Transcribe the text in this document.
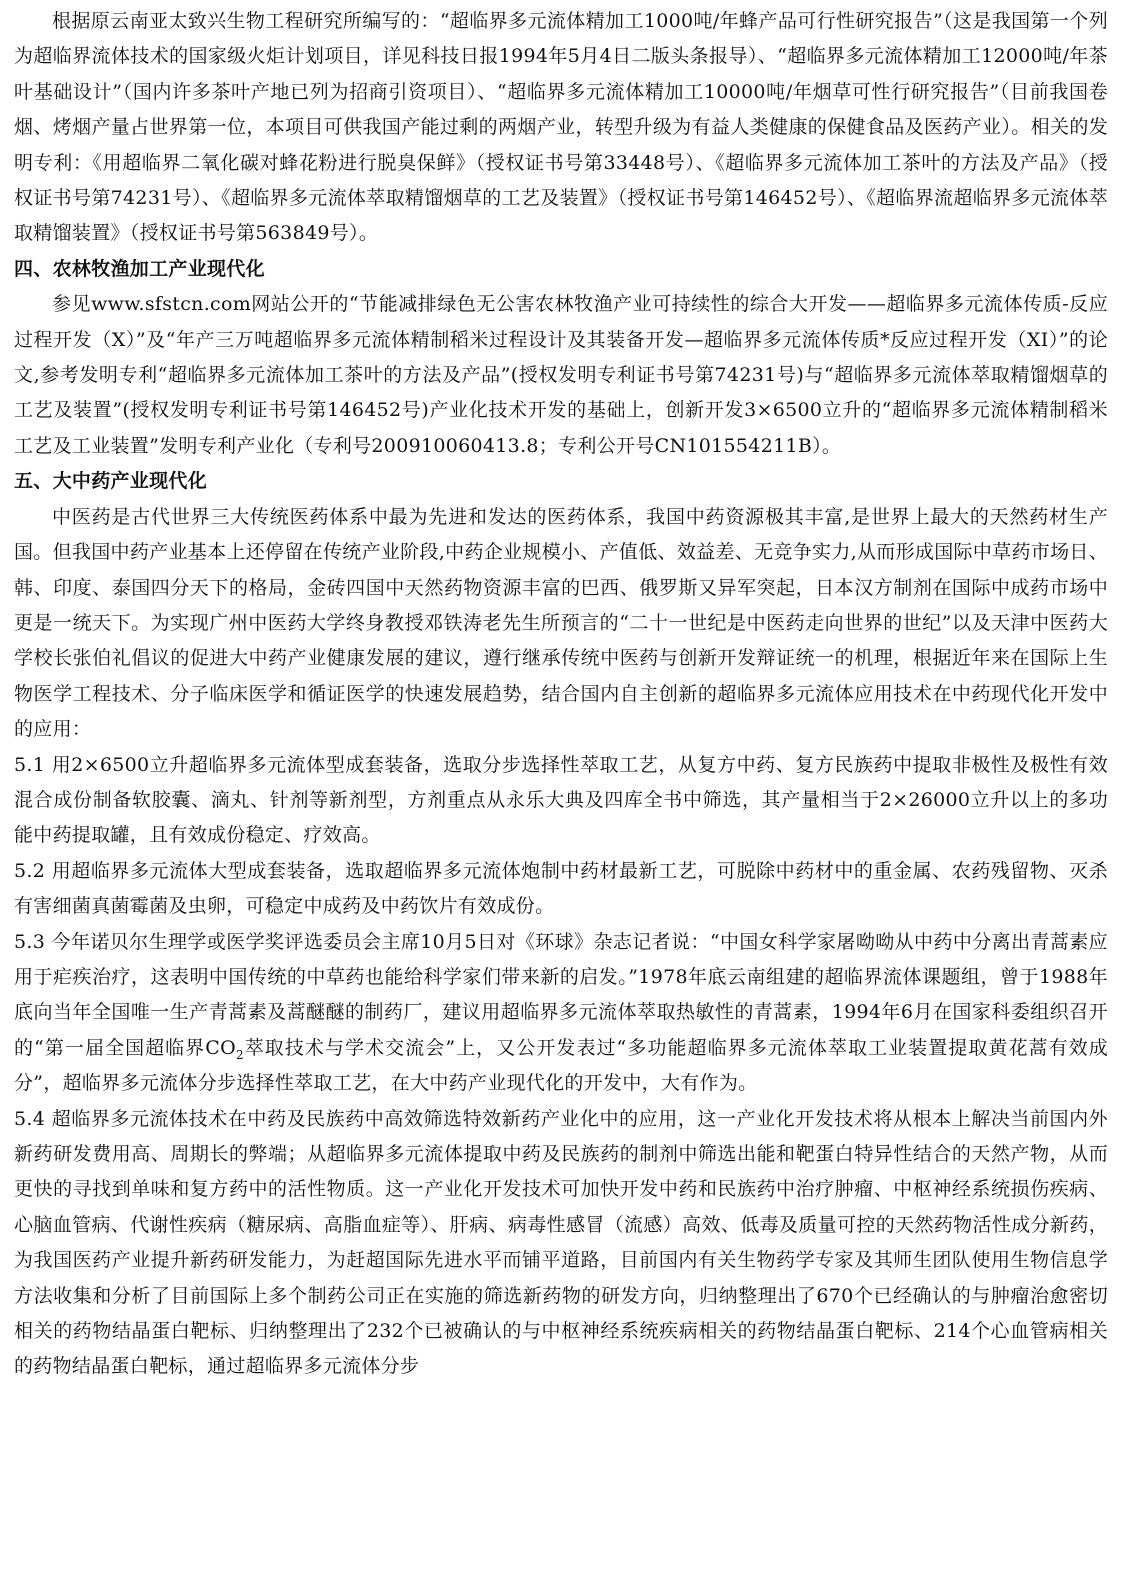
根据原云南亚太致兴生物工程研究所编写的：“超临界多元流体精加工1000吨/年蜂产品可行性研究报告”（这是我国第一个列为超临界流体技术的国家级火炬计划项目，详见科技日报1994年5月4日二版头条报导）、“超临界多元流体精加工12000吨/年茶叶基础设计”（国内许多茶叶产地已列为招商引资项目）、“超临界多元流体精加工10000吨/年烟草可性行研究报告”（目前我国卷烟、烤烟产量占世界第一位，本项目可供我国产能过剩的两烟产业，转型升级为有益人类健康的保健食品及医药产业）。相关的发明专利：《用超临界二氧化碳对蜂花粉进行脱臭保鲜》（授权证书号第33448号）、《超临界多元流体加工茶叶的方法及产品》（授权证书号第74231号）、《超临界多元流体萃取精馏烟草的工艺及装置》（授权证书号第146452号）、《超临界流超临界多元流体萃取精馏装置》（授权证书号第563849号）。

四、农林牧渔加工产业现代化

参见www.sfstcn.com网站公开的“节能减排绿色无公害农林牧渔产业可持续性的综合大开发——超临界多元流体传质-反应过程开发（X）”及“年产三万吨超临界多元流体精制稻米过程设计及其装备开发—超临界多元流体传质*反应过程开发（XI）”的论文,参考发明专利“超临界多元流体加工茶叶的方法及产品”(授权发明专利证书号第74231号)与“超临界多元流体萃取精馏烟草的工艺及装置”(授权发明专利证书号第146452号)产业化技术开发的基础上，创新开发3×6500立升的“超临界多元流体精制稻米工艺及工业装置”发明专利产业化（专利号200910060413.8；专利公开号CN101554211B）。

五、大中药产业现代化

中医药是古代世界三大传统医药体系中最为先进和发达的医药体系，我国中药资源极其丰富,是世界上最大的天然药材生产国。但我国中药产业基本上还停留在传统产业阶段,中药企业规模小、产值低、效益差、无竞争实力,从而形成国际中草药市场日、韩、印度、泰国四分天下的格局，金砖四国中天然药物资源丰富的巴西、俄罗斯又异军突起，日本汉方制剂在国际中成药市场中更是一统天下。为实现广州中医药大学终身教授邓铁涛老先生所预言的“二十一世纪是中医药走向世界的世纪”以及天津中医药大学校长张伯礼倡议的促进大中药产业健康发展的建议，遵行继承传统中医药与创新开发辩证统一的机理，根据近年来在国际上生物医学工程技术、分子临床医学和循证医学的快速发展趋势，结合国内自主创新的超临界多元流体应用技术在中药现代化开发中的应用：

5.1 用2×6500立升超临界多元流体型成套装备，选取分步选择性萃取工艺，从复方中药、复方民族药中提取非极性及极性有效混合成份制备软胶囊、滴丸、针剂等新剂型，方剂重点从永乐大典及四库全书中筛选，其产量相当于2×26000立升以上的多功能中药提取罐，且有效成份稳定、疗效高。

5.2 用超临界多元流体大型成套装备，选取超临界多元流体炮制中药材最新工艺，可脱除中药材中的重金属、农药残留物、灭杀有害细菌真菌霉菌及虫卵，可稳定中成药及中药饮片有效成份。

5.3 今年诺贝尔生理学或医学奖评选委员会主席10月5日对《环球》杂志记者说：“中国女科学家屠呦呦从中药中分离出青蒿素应用于疟疾治疗，这表明中国传统的中草药也能给科学家们带来新的启发。”1978年底云南组建的超临界流体课题组，曾于1988年底向当年全国唯一生产青蒿素及蒿醚醚的制药厂，建议用超临界多元流体萃取热敏性的青蒿素，1994年6月在国家科委组织召开的“第一届全国超临界$CO_2$萃取技术与学术交流会”上，又公开发表过“多功能超临界多元流体萃取工业装置提取黄花蒿有效成分”，超临界多元流体分步选择性萃取工艺，在大中药产业现代化的开发中，大有作为。

5.4 超临界多元流体技术在中药及民族药中高效筛选特效新药产业化中的应用，这一产业化开发技术将从根本上解决当前国内外新药研发费用高、周期长的弊端；从超临界多元流体提取中药及民族药的制剂中筛选出能和靶蛋白特异性结合的天然产物，从而更快的寻找到单味和复方药中的活性物质。这一产业化开发技术可加快开发中药和民族药中治疗肿瘤、中枢神经系统损伤疾病、心脑血管病、代谢性疾病（糖尿病、高脂血症等）、肝病、病毒性感冒（流感）高效、低毒及质量可控的天然药物活性成分新药，为我国医药产业提升新药研发能力，为赶超国际先进水平而铺平道路，目前国内有关生物药学专家及其师生团队使用生物信息学方法收集和分析了目前国际上多个制药公司正在实施的筛选新药物的研发方向，归纳整理出了670个已经确认的与肿瘤治愈密切相关的药物结晶蛋白靶标、归纳整理出了232个已被确认的与中枢神经系统疾病相关的药物结晶蛋白靶标、214个心血管病相关的药物结晶蛋白靶标，通过超临界多元流体分步
